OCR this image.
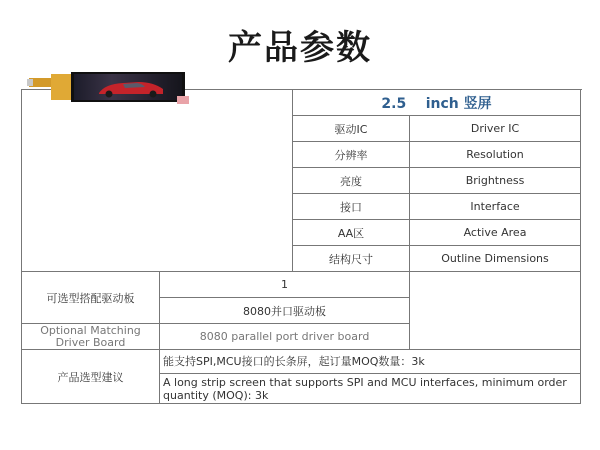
产品参数
		2.5 inch 竖屏		
		驱动IC	Driver IC	
		分辨率	Resolution	
		亮度	Brightness	
		接口	Interface	
		AA区	Active Area	
		结构尺寸	Outline Dimensions	
可选型搭配驱动板	1			
	8080并口驱动板			
Optional Matching Driver Board	8080 parallel port driver board			
产品选型建议	能支持SPI,MCU接口的长条屏，起订量MOQ数量：3k			
	A long strip screen that supports SPI and MCU interfaces, minimum order quantity (MOQ): 3k			
